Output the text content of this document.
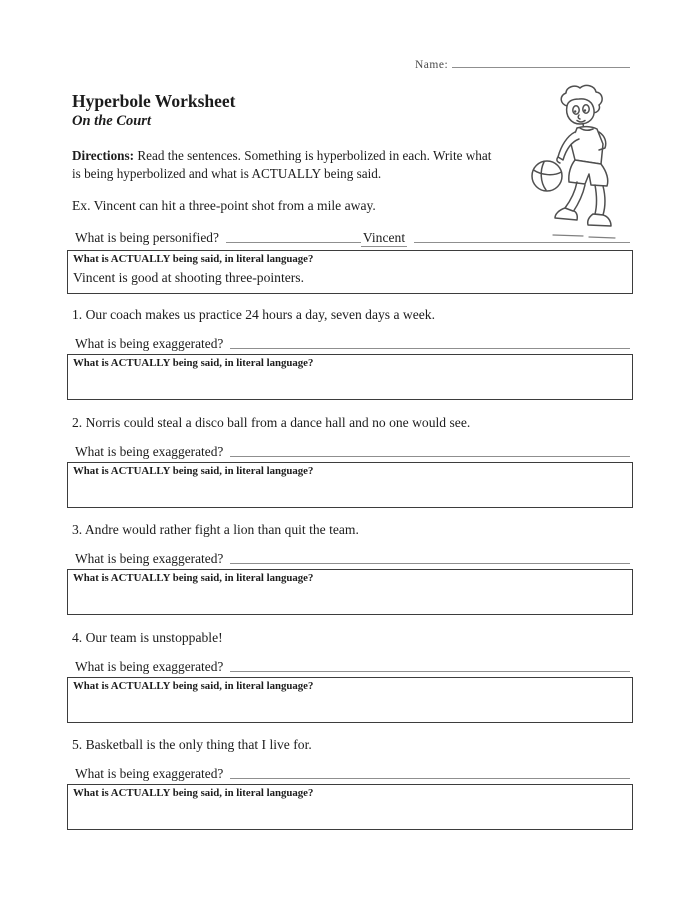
Name:
Hyperbole Worksheet
On the Court
Directions: Read the sentences. Something is hyperbolized in each. Write what is being hyperbolized and what is ACTUALLY being said.
Ex. Vincent can hit a three-point shot from a mile away.
What is being personified?	Vincent
What is ACTUALLY being said, in literal language?
Vincent is good at shooting three-pointers.
1. Our coach makes us practice 24 hours a day, seven days a week.
What is being exaggerated?
What is ACTUALLY being said, in literal language?
2. Norris could steal a disco ball from a dance hall and no one would see.
What is being exaggerated?
What is ACTUALLY being said, in literal language?
3. Andre would rather fight a lion than quit the team.
What is being exaggerated?
What is ACTUALLY being said, in literal language?
4. Our team is unstoppable!
What is being exaggerated?
What is ACTUALLY being said, in literal language?
5. Basketball is the only thing that I live for.
What is being exaggerated?
What is ACTUALLY being said, in literal language?
